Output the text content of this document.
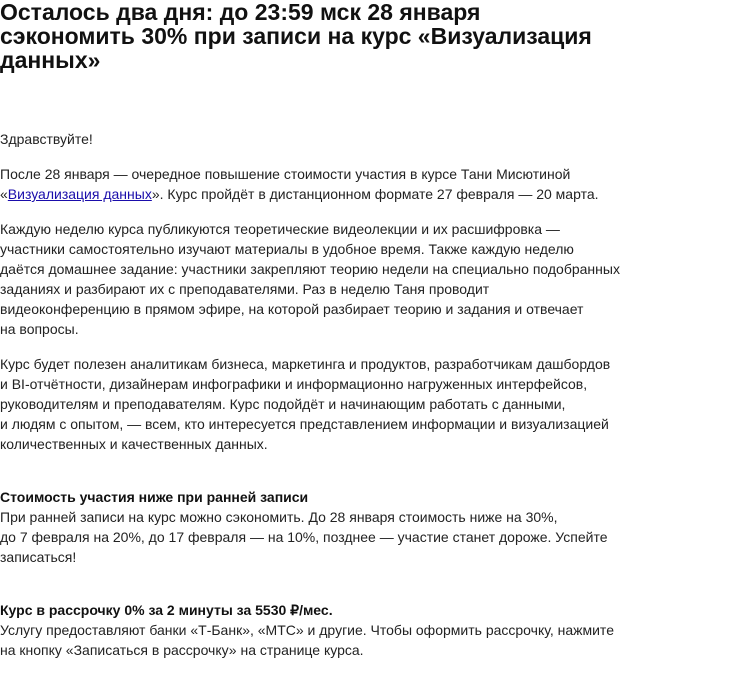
Осталось два дня: до 23:59 мск 28 января
сэкономить 30% при записи на курс «Визуализация
данных»

Здравствуйте!

После 28 января — очередное повышение стоимости участия в курсе Тани Мисютиной
«Визуализация данных». Курс пройдёт в дистанционном формате 27 февраля — 20 марта.

Каждую неделю курса публикуются теоретические видеолекции и их расшифровка —
участники самостоятельно изучают материалы в удобное время. Также каждую неделю
даётся домашнее задание: участники закрепляют теорию недели на специально подобранных
заданиях и разбирают их с преподавателями. Раз в неделю Таня проводит
видеоконференцию в прямом эфире, на которой разбирает теорию и задания и отвечает
на вопросы.

Курс будет полезен аналитикам бизнеса, маркетинга и продуктов, разработчикам дашбордов
и BI-отчётности, дизайнерам инфографики и информационно нагруженных интерфейсов,
руководителям и преподавателям. Курс подойдёт и начинающим работать с данными,
и людям с опытом, — всем, кто интересуется представлением информации и визуализацией
количественных и качественных данных.

Стоимость участия ниже при ранней записи

При ранней записи на курс можно сэкономить. До 28 января стоимость ниже на 30%,
до 7 февраля на 20%, до 17 февраля — на 10%, позднее — участие станет дороже. Успейте
записаться!

Курс в рассрочку 0% за 2 минуты за 5530 ₽/мес.

Услугу предоставляют банки «Т-Банк», «МТС» и другие. Чтобы оформить рассрочку, нажмите
на кнопку «Записаться в рассрочку» на странице курса.
